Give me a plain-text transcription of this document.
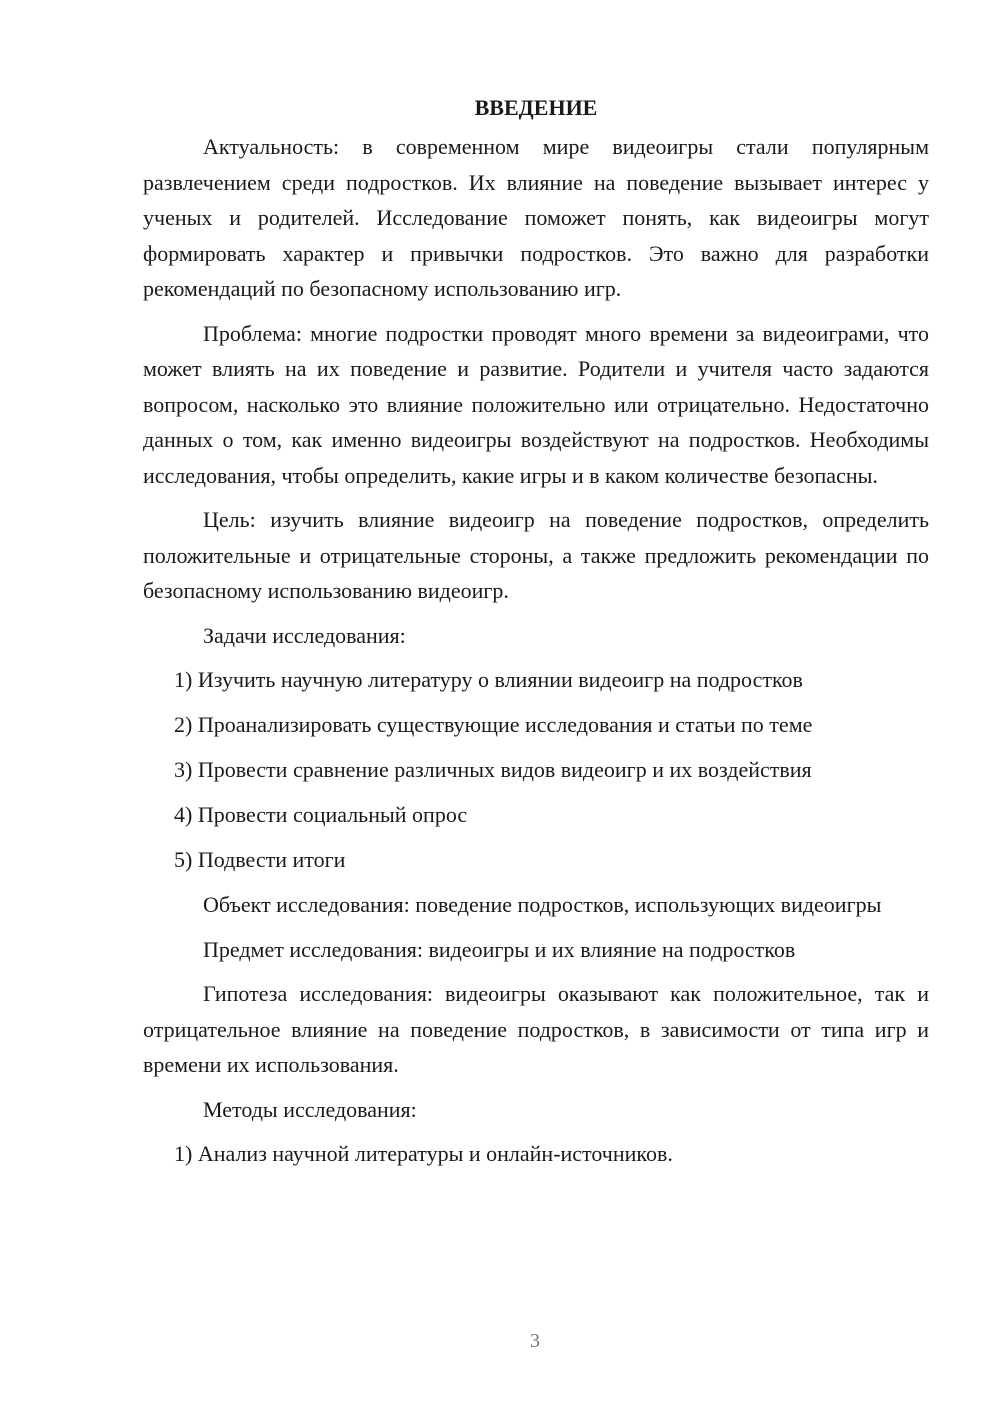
ВВЕДЕНИЕ

Актуальность: в современном мире видеоигры стали популярным развлечением среди подростков. Их влияние на поведение вызывает интерес у ученых и родителей. Исследование поможет понять, как видеоигры могут формировать характер и привычки подростков. Это важно для разработки рекомендаций по безопасному использованию игр.

Проблема: многие подростки проводят много времени за видеоиграми, что может влиять на их поведение и развитие. Родители и учителя часто задаются вопросом, насколько это влияние положительно или отрицательно. Недостаточно данных о том, как именно видеоигры воздействуют на подростков. Необходимы исследования, чтобы определить, какие игры и в каком количестве безопасны.

Цель: изучить влияние видеоигр на поведение подростков, определить положительные и отрицательные стороны, а также предложить рекомендации по безопасному использованию видеоигр.

Задачи исследования:

1) Изучить научную литературу о влиянии видеоигр на подростков

2) Проанализировать существующие исследования и статьи по теме

3) Провести сравнение различных видов видеоигр и их воздействия

4) Провести социальный опрос

5) Подвести итоги

Объект исследования: поведение подростков, использующих видеоигры

Предмет исследования: видеоигры и их влияние на подростков

Гипотеза исследования: видеоигры оказывают как положительное, так и отрицательное влияние на поведение подростков, в зависимости от типа игр и времени их использования.

Методы исследования:

1) Анализ научной литературы и онлайн-источников.

3
